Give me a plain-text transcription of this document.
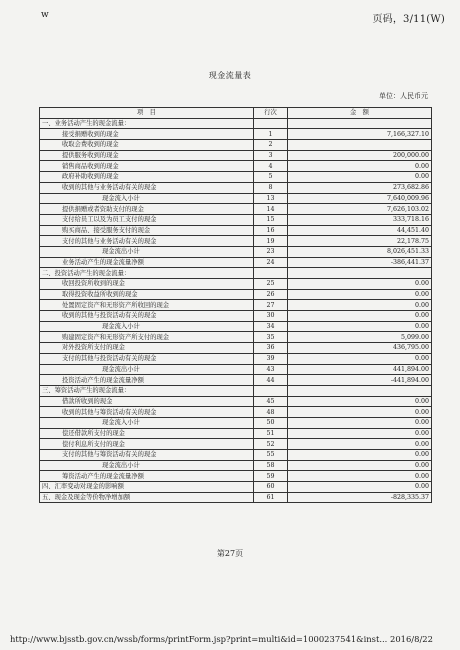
w	页码，3/11(W)
现金流量表
单位：人民币元
项　目	行次	金　额
一、业务活动产生的现金流量：		
接受捐赠收到的现金	1	7,166,327.10
收取会费收到的现金	2	
提供服务收到的现金	3	200,000.00
销售商品收到的现金	4	0.00
政府补助收到的现金	5	0.00
收到的其他与业务活动有关的现金	8	273,682.86
现金流入小计	13	7,640,009.96
提供捐赠或者资助支付的现金	14	7,626,103.02
支付给员工以及为员工支付的现金	15	333,718.16
购买商品、接受服务支付的现金	16	44,451.40
支付的其他与业务活动有关的现金	19	22,178.75
现金流出小计	23	8,026,451.33
业务活动产生的现金流量净额	24	-386,441.37
二、投资活动产生的现金流量：		
收回投资所收到的现金	25	0.00
取得投资收益所收到的现金	26	0.00
处置固定资产和无形资产所收回的现金	27	0.00
收到的其他与投资活动有关的现金	30	0.00
现金流入小计	34	0.00
购建固定资产和无形资产所支付的现金	35	5,099.00
对外投资所支付的现金	36	436,795.00
支付的其他与投资活动有关的现金	39	0.00
现金流出小计	43	441,894.00
投资活动产生的现金流量净额	44	-441,894.00
三、筹资活动产生的现金流量：		
借款所收到的现金	45	0.00
收到的其他与筹资活动有关的现金	48	0.00
现金流入小计	50	0.00
偿还借款所支付的现金	51	0.00
偿付利息所支付的现金	52	0.00
支付的其他与筹资活动有关的现金	55	0.00
现金流出小计	58	0.00
筹资活动产生的现金流量净额	59	0.00
四、汇率变动对现金的影响额	60	0.00
五、现金及现金等价物净增加额	61	-828,335.37
第27页
http://www.bjsstb.gov.cn/wssb/forms/printForm.jsp?print=multi&id=1000237541&inst... 2016/8/22
